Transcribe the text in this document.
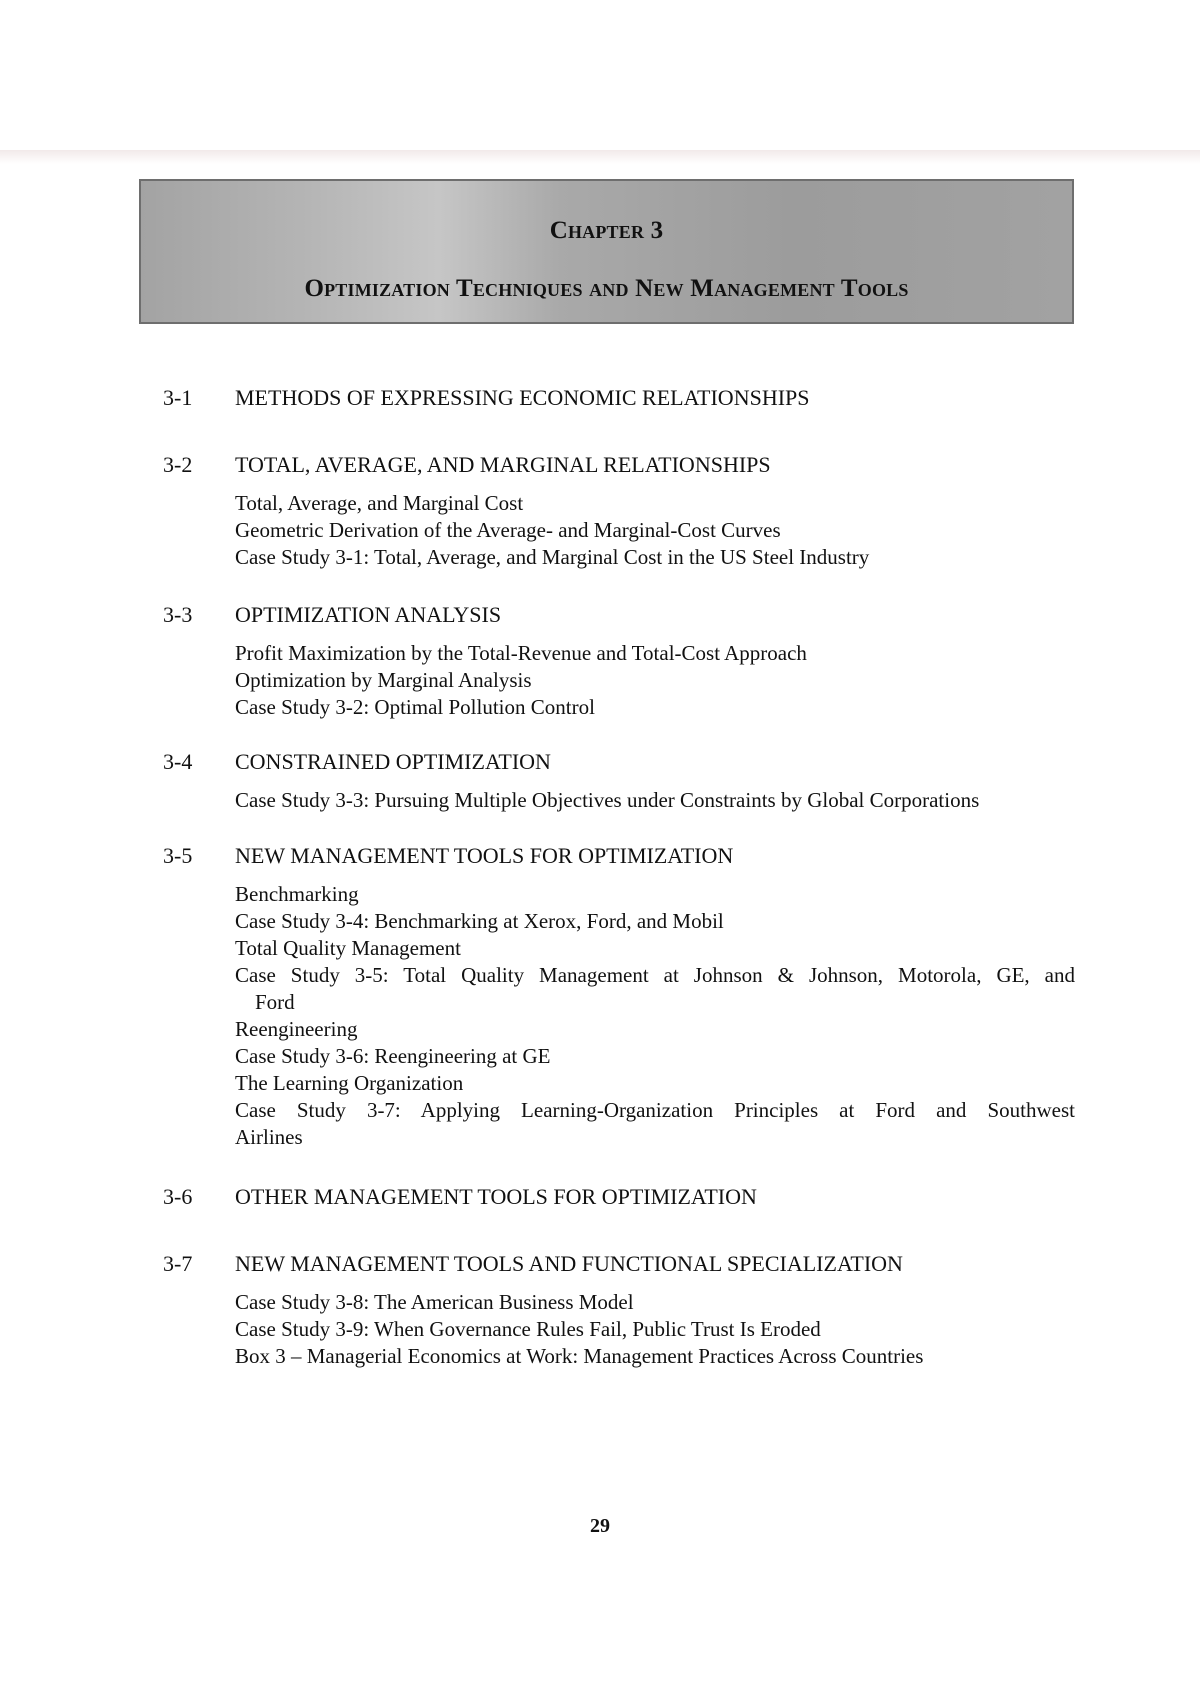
Chapter 3
Optimization Techniques and New Management Tools
3-1 METHODS OF EXPRESSING ECONOMIC RELATIONSHIPS
3-2 TOTAL, AVERAGE, AND MARGINAL RELATIONSHIPS
Total, Average, and Marginal Cost
Geometric Derivation of the Average- and Marginal-Cost Curves
Case Study 3-1: Total, Average, and Marginal Cost in the US Steel Industry
3-3 OPTIMIZATION ANALYSIS
Profit Maximization by the Total-Revenue and Total-Cost Approach
Optimization by Marginal Analysis
Case Study 3-2: Optimal Pollution Control
3-4 CONSTRAINED OPTIMIZATION
Case Study 3-3: Pursuing Multiple Objectives under Constraints by Global Corporations
3-5 NEW MANAGEMENT TOOLS FOR OPTIMIZATION
Benchmarking
Case Study 3-4: Benchmarking at Xerox, Ford, and Mobil
Total Quality Management
Case Study 3-5: Total Quality Management at Johnson & Johnson, Motorola, GE, and
Ford
Reengineering
Case Study 3-6: Reengineering at GE
The Learning Organization
Case Study 3-7: Applying Learning-Organization Principles at Ford and Southwest
Airlines
3-6 OTHER MANAGEMENT TOOLS FOR OPTIMIZATION
3-7 NEW MANAGEMENT TOOLS AND FUNCTIONAL SPECIALIZATION
Case Study 3-8: The American Business Model
Case Study 3-9: When Governance Rules Fail, Public Trust Is Eroded
Box 3 – Managerial Economics at Work: Management Practices Across Countries
29
